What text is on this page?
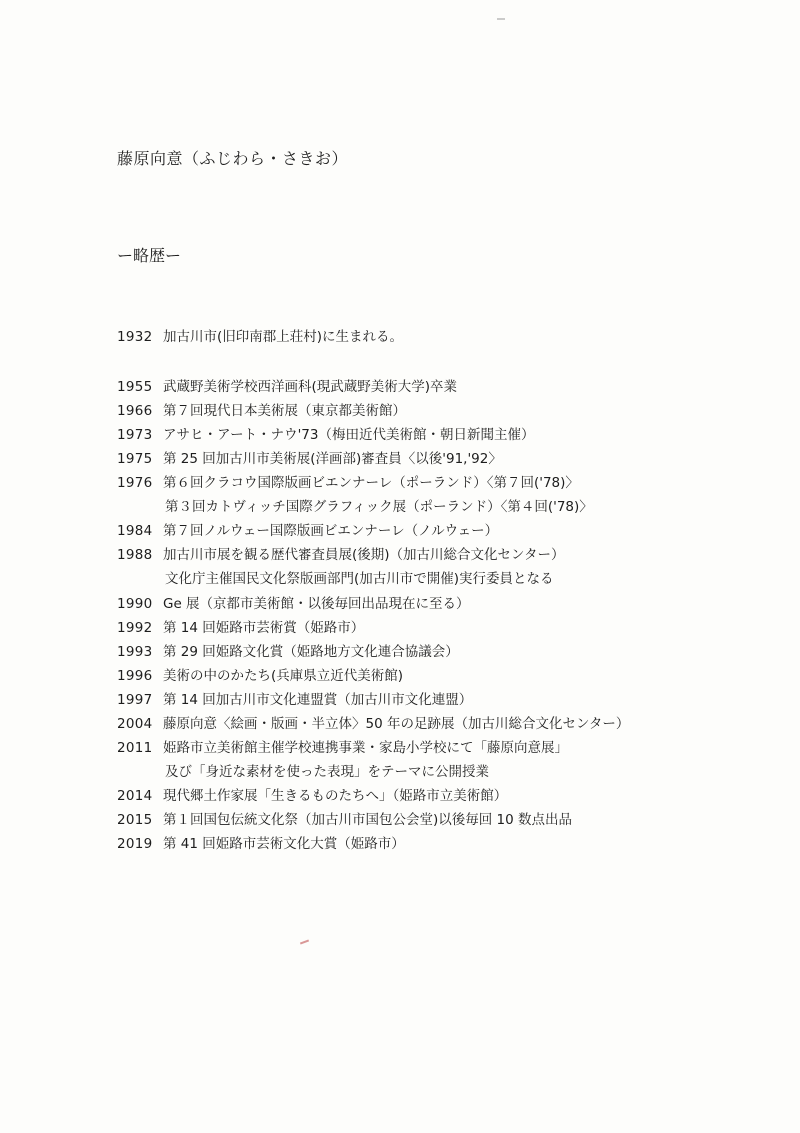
藤原向意（ふじわら・さきお）
ー略歴ー
1932 加古川市(旧印南郡上荘村)に生まれる。
1955 武蔵野美術学校西洋画科(現武蔵野美術大学)卒業
1966 第７回現代日本美術展（東京都美術館）
1973 アサヒ・アート・ナウ'73（梅田近代美術館・朝日新聞主催）
1975 第 25 回加古川市美術展(洋画部)審査員〈以後'91,'92〉
1976 第６回クラコウ国際版画ビエンナーレ（ポーランド）〈第７回('78)〉
第３回カトヴィッチ国際グラフィック展（ポーランド）〈第４回('78)〉
1984 第７回ノルウェー国際版画ビエンナーレ（ノルウェー）
1988 加古川市展を観る歴代審査員展(後期)（加古川総合文化センター）
文化庁主催国民文化祭版画部門(加古川市で開催)実行委員となる
1990 Ge 展（京都市美術館・以後毎回出品現在に至る）
1992 第 14 回姫路市芸術賞（姫路市）
1993 第 29 回姫路文化賞（姫路地方文化連合協議会）
1996 美術の中のかたち(兵庫県立近代美術館)
1997 第 14 回加古川市文化連盟賞（加古川市文化連盟）
2004 藤原向意〈絵画・版画・半立体〉50 年の足跡展（加古川総合文化センター）
2011 姫路市立美術館主催学校連携事業・家島小学校にて「藤原向意展」
及び「身近な素材を使った表現」をテーマに公開授業
2014 現代郷土作家展「生きるものたちへ」（姫路市立美術館）
2015 第１回国包伝統文化祭（加古川市国包公会堂)以後毎回 10 数点出品
2019 第 41 回姫路市芸術文化大賞（姫路市）
